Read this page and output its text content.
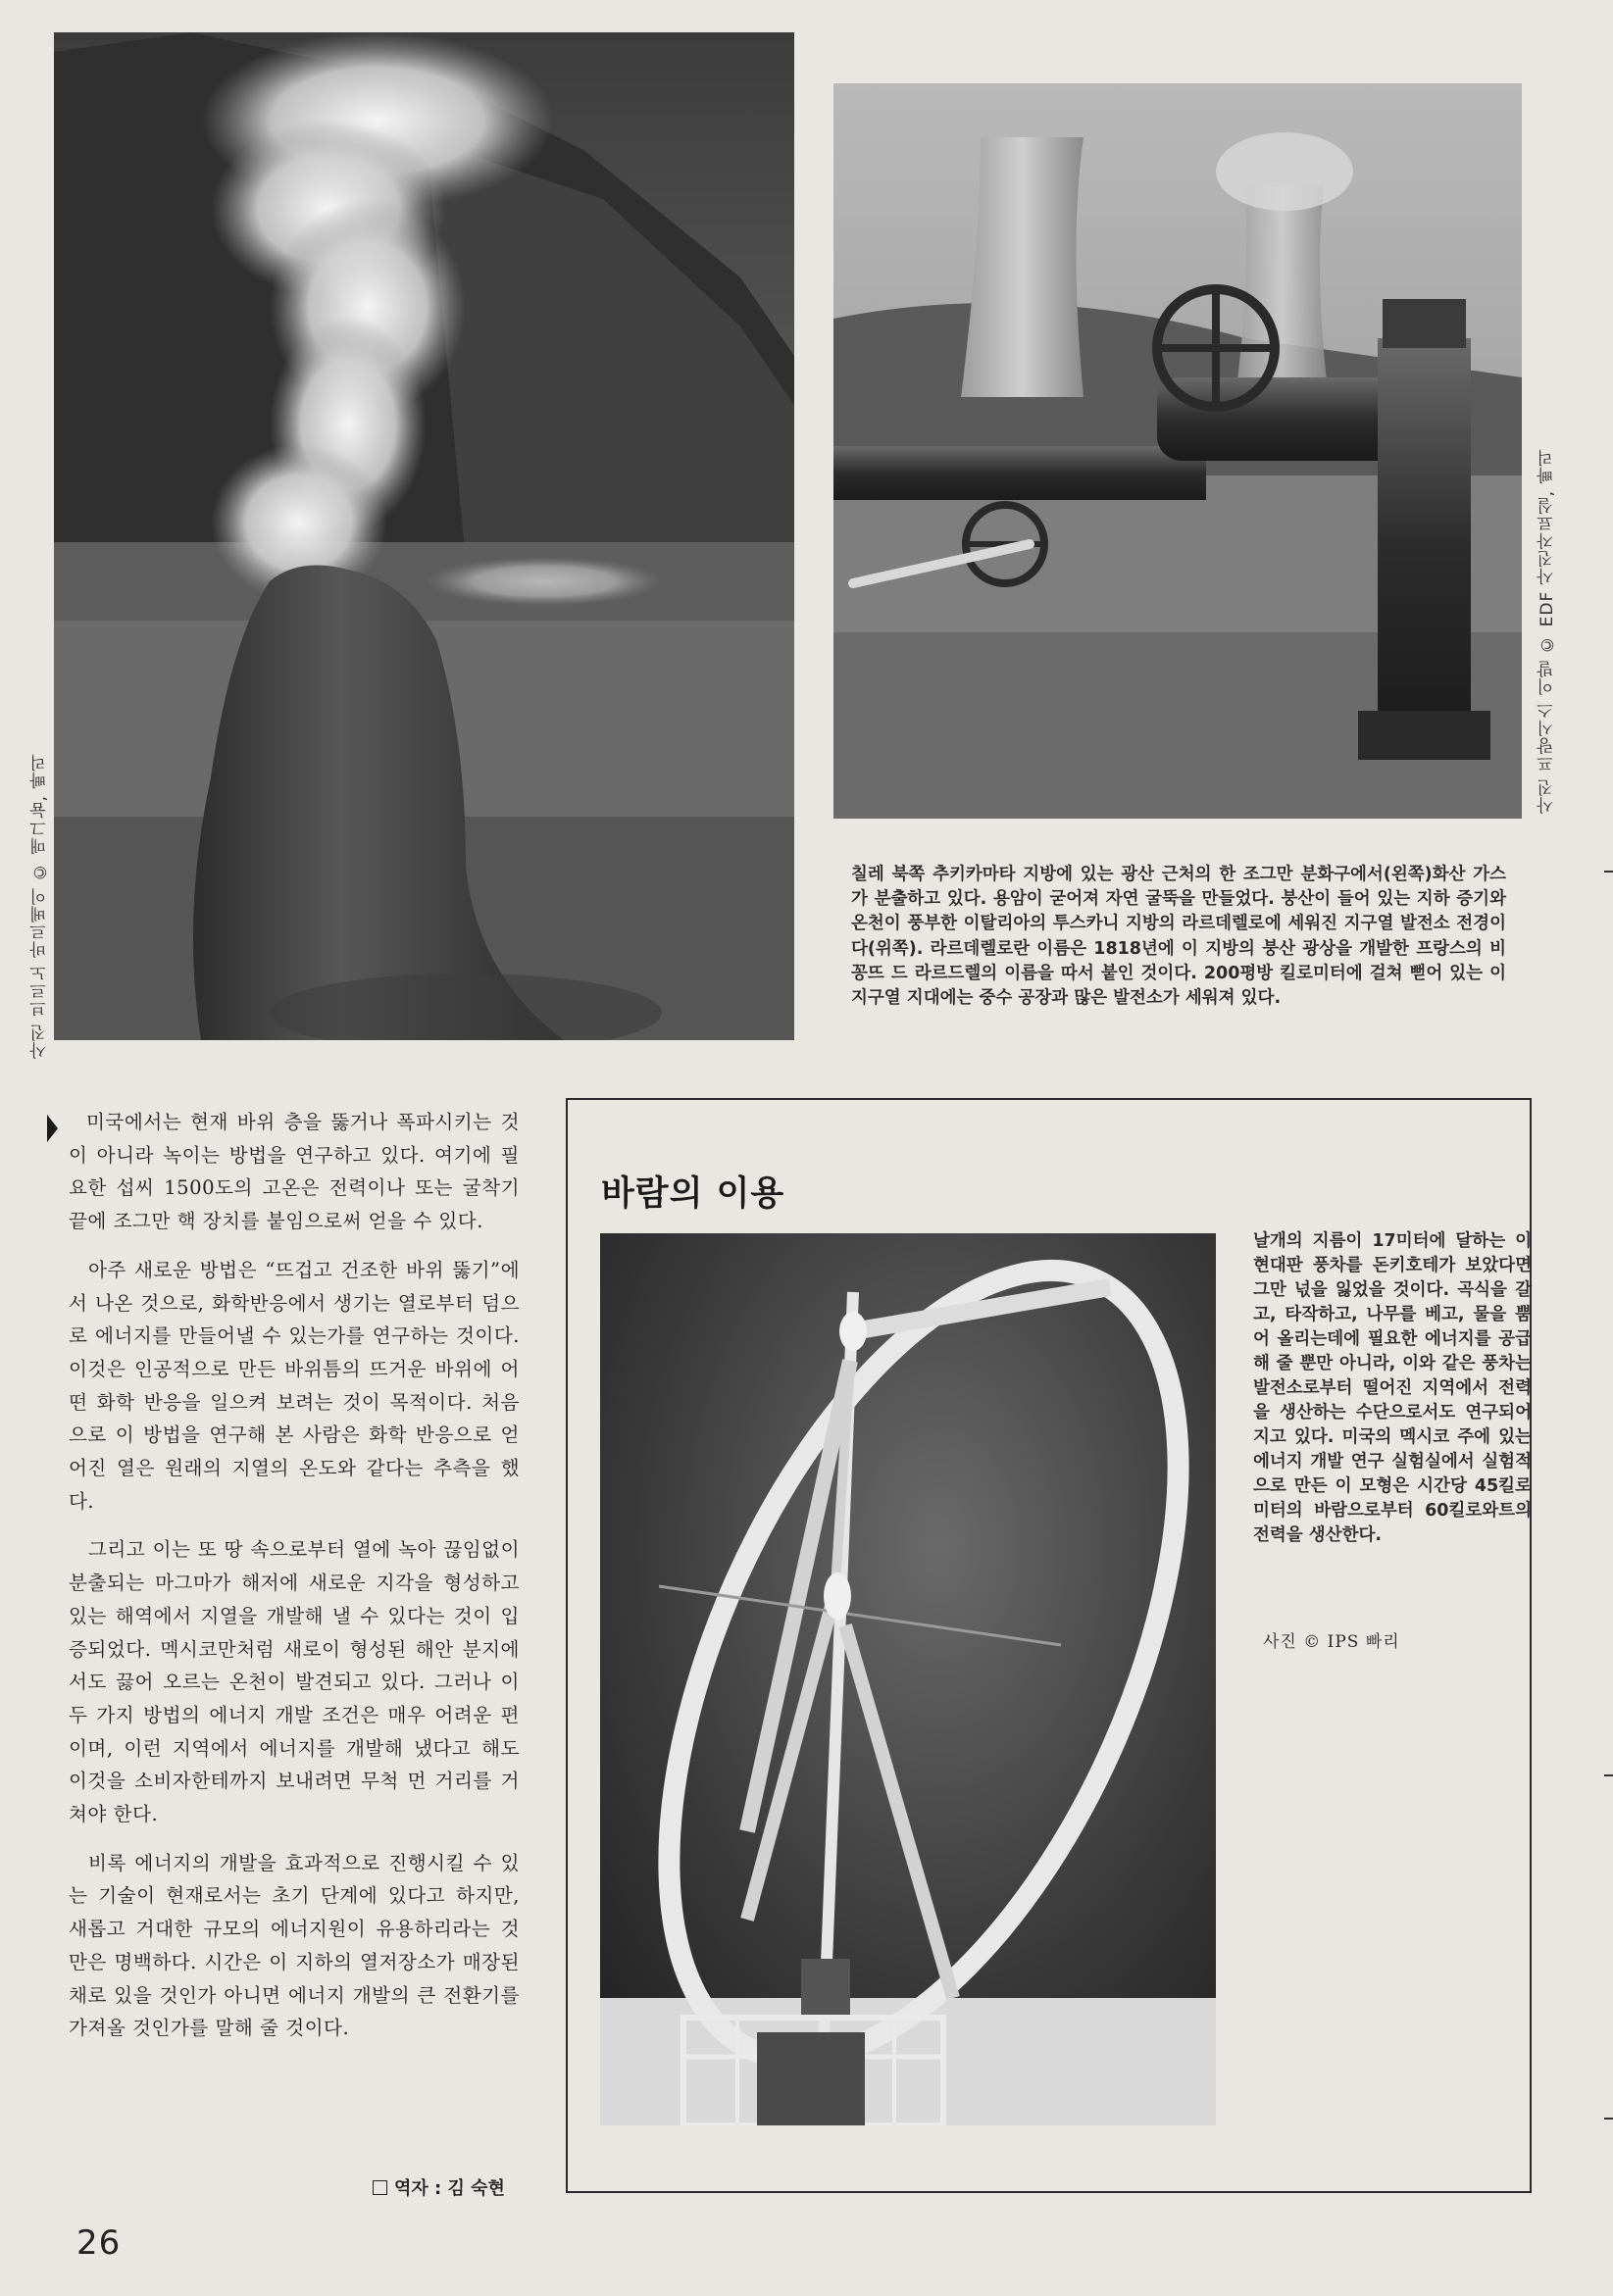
사진 브르노 바르베이 © 매그늄, 빠리
사진 프랑시스 이발 © EDF 사진자료실, 빠리
칠레 북쪽 추키카마타 지방에 있는 광산 근처의 한 조그만 분화구에서(왼쪽)화산 가스가 분출하고 있다. 용암이 굳어져 자연 굴뚝을 만들었다. 붕산이 들어 있는 지하 증기와 온천이 풍부한 이탈리아의 투스카니 지방의 라르데렐로에 세워진 지구열 발전소 전경이다(위쪽). 라르데렐로란 이름은 1818년에 이 지방의 붕산 광상을 개발한 프랑스의 비꽁뜨 드 라르드렐의 이름을 따서 붙인 것이다. 200평방 킬로미터에 걸쳐 뻗어 있는 이 지구열 지대에는 중수 공장과 많은 발전소가 세워져 있다.

미국에서는 현재 바위 층을 뚫거나 폭파시키는 것이 아니라 녹이는 방법을 연구하고 있다. 여기에 필요한 섭씨 1500도의 고온은 전력이나 또는 굴착기 끝에 조그만 핵 장치를 붙임으로써 얻을 수 있다.

아주 새로운 방법은 “뜨겁고 건조한 바위 뚫기”에서 나온 것으로, 화학반응에서 생기는 열로부터 덤으로 에너지를 만들어낼 수 있는가를 연구하는 것이다. 이것은 인공적으로 만든 바위틈의 뜨거운 바위에 어떤 화학 반응을 일으켜 보려는 것이 목적이다. 처음으로 이 방법을 연구해 본 사람은 화학 반응으로 얻어진 열은 원래의 지열의 온도와 같다는 추측을 했다.

그리고 이는 또 땅 속으로부터 열에 녹아 끊임없이 분출되는 마그마가 해저에 새로운 지각을 형성하고 있는 해역에서 지열을 개발해 낼 수 있다는 것이 입증되었다. 멕시코만처럼 새로이 형성된 해안 분지에서도 끓어 오르는 온천이 발견되고 있다. 그러나 이 두 가지 방법의 에너지 개발 조건은 매우 어려운 편이며, 이런 지역에서 에너지를 개발해 냈다고 해도 이것을 소비자한테까지 보내려면 무척 먼 거리를 거쳐야 한다.

비록 에너지의 개발을 효과적으로 진행시킬 수 있는 기술이 현재로서는 초기 단계에 있다고 하지만, 새롭고 거대한 규모의 에너지원이 유용하리라는 것만은 명백하다. 시간은 이 지하의 열저장소가 매장된 채로 있을 것인가 아니면 에너지 개발의 큰 전환기를 가져올 것인가를 말해 줄 것이다.

역자 : 김 숙현
26
바람의 이용
날개의 지름이 17미터에 달하는 이 현대판 풍차를 돈키호테가 보았다면 그만 넋을 잃었을 것이다. 곡식을 갈고, 타작하고, 나무를 베고, 물을 뿜어 올리는데에 필요한 에너지를 공급해 줄 뿐만 아니라, 이와 같은 풍차는 발전소로부터 떨어진 지역에서 전력을 생산하는 수단으로서도 연구되어지고 있다. 미국의 멕시코 주에 있는 에너지 개발 연구 실험실에서 실험적으로 만든 이 모형은 시간당 45킬로미터의 바람으로부터 60킬로와트의 전력을 생산한다.
사진 © IPS 빠리
